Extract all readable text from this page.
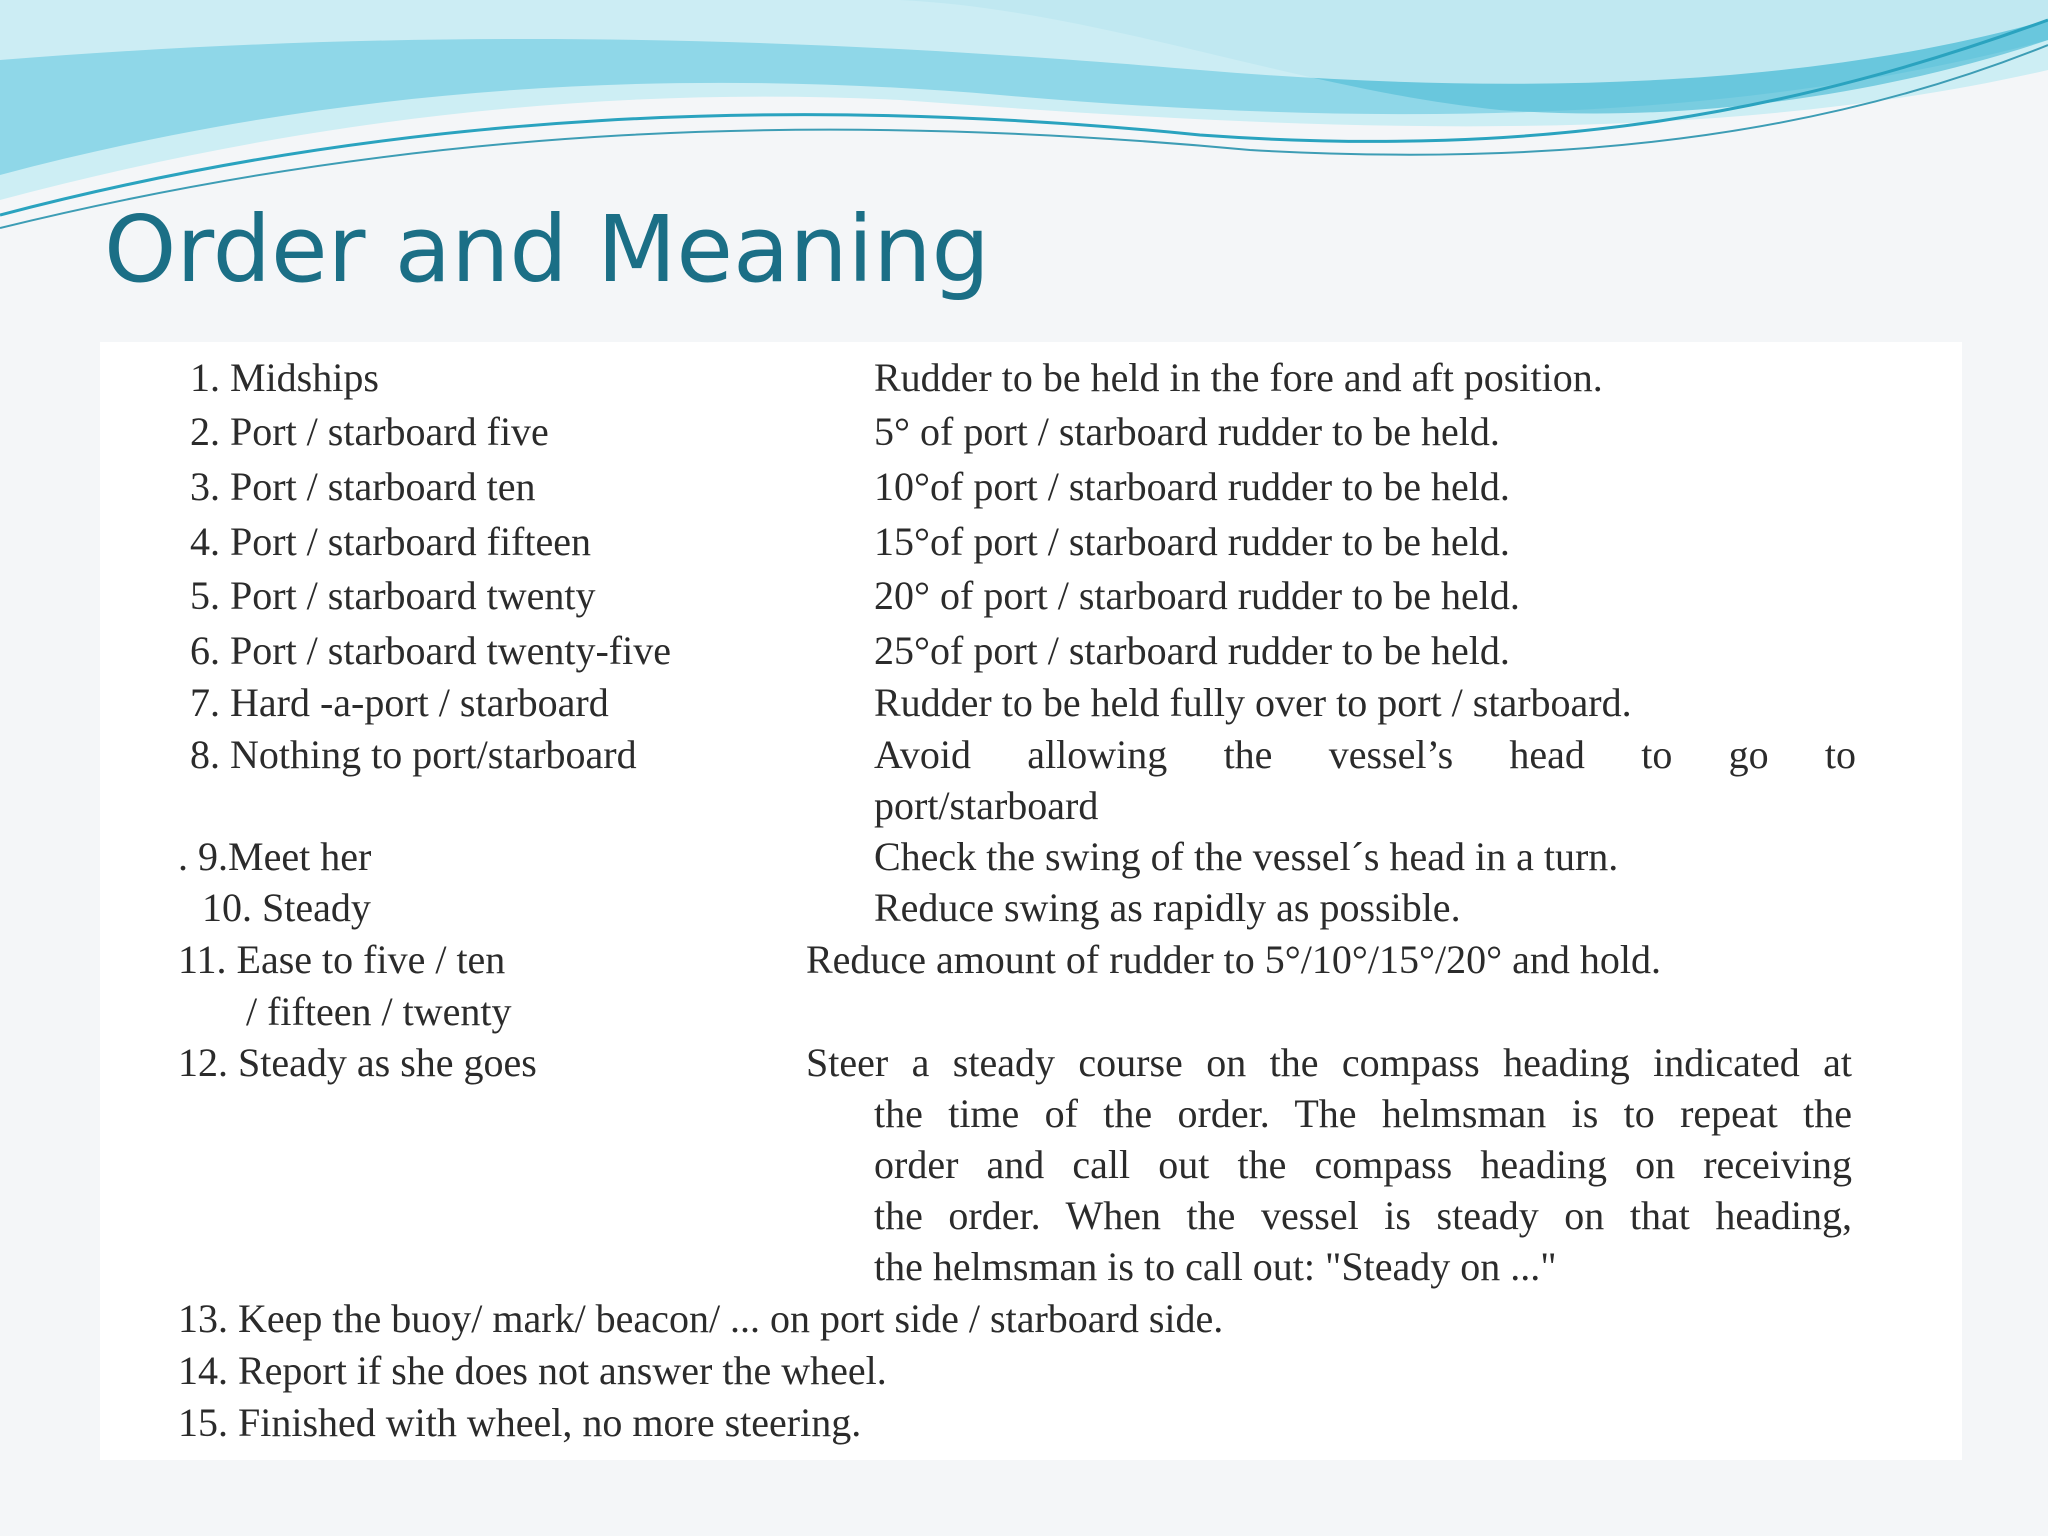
Order and Meaning

1. Midships

2. Port / starboard five

3. Port / starboard ten

4. Port / starboard fifteen

5. Port / starboard twenty

6. Port / starboard twenty-five

7. Hard -a-port / starboard

8. Nothing to port/starboard

. 9.Meet her

10. Steady

11. Ease to five / ten

/ fifteen / twenty

12. Steady as she goes

13. Keep the buoy/ mark/ beacon/ ... on port side / starboard side.

14. Report if she does not answer the wheel.

15. Finished with wheel, no more steering.

Rudder to be held in the fore and aft position.

5° of port / starboard rudder to be held.

10°of port / starboard rudder to be held.

15°of port / starboard rudder to be held.

20° of port / starboard rudder to be held.

25°of port / starboard rudder to be held.

Rudder to be held fully over to port / starboard.

Avoid allowing the vessel’s head to go to

port/starboard

Check the swing of the vessel´s head in a turn.

Reduce swing as rapidly as possible.

Reduce amount of rudder to 5°/10°/15°/20° and hold.

Steer a steady course on the compass heading indicated at

the time of the order. The helmsman is to repeat the

order and call out the compass heading on receiving

the order. When the vessel is steady on that heading,

the helmsman is to call out: "Steady on ..."
